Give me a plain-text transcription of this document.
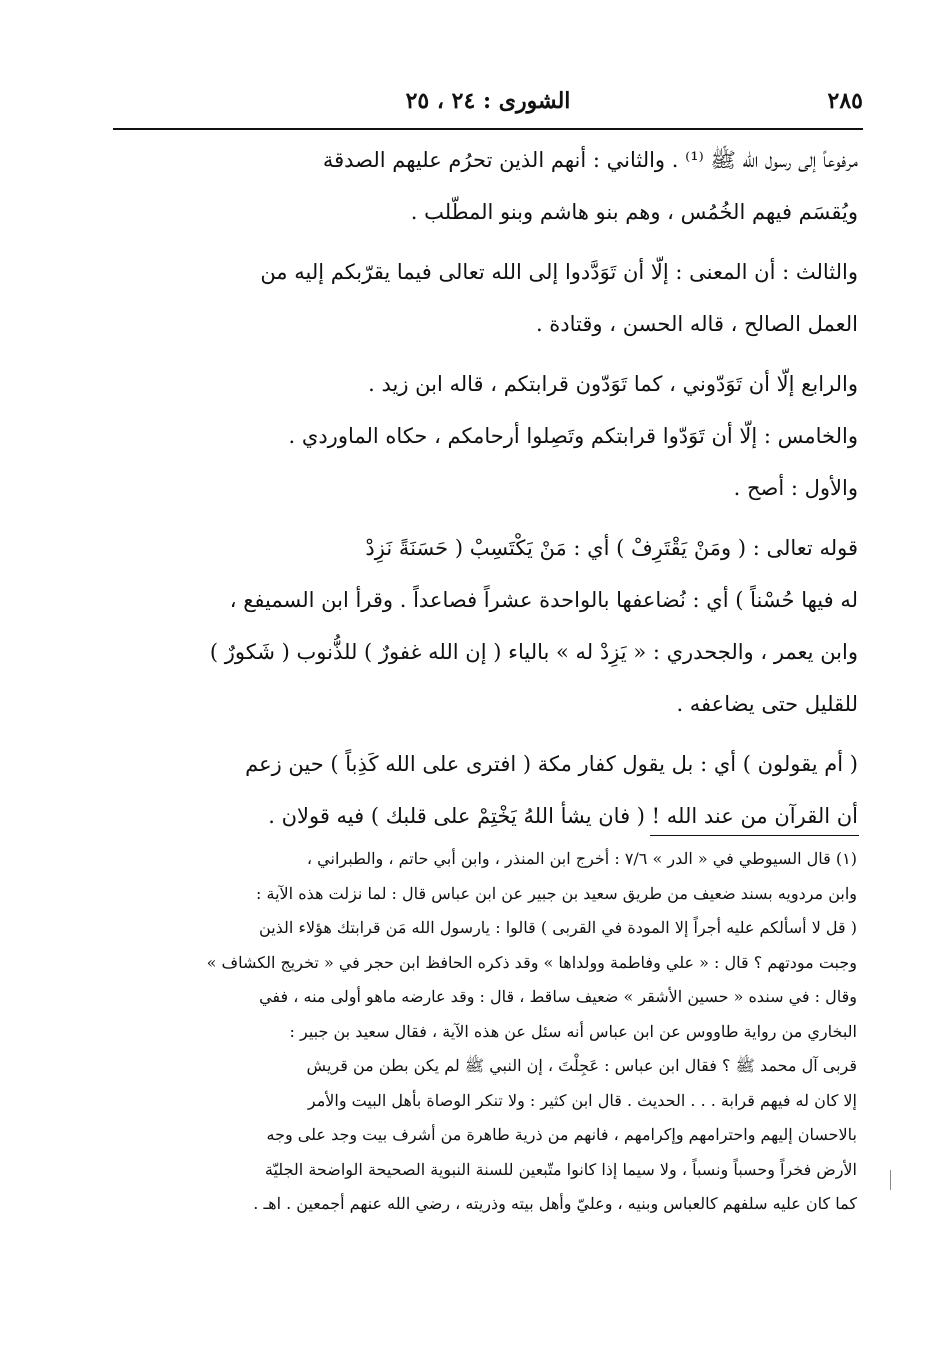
٢٨٥
الشورى : ٢٤ ، ٢٥

مرفوعاً إلى رسول الله ﷺ ⁽¹⁾ . والثاني : أنهم الذين تحرُم عليهم الصدقة

ويُقسَم فيهم الخُمُس ، وهم بنو هاشم وبنو المطّلب .

والثالث : أن المعنى : إلّا أن تَوَدَّدوا إلى الله تعالى فيما يقرّبكم إليه من

العمل الصالح ، قاله الحسن ، وقتادة .

والرابع إلّا أن تَوَدّوني ، كما تَوَدّون قرابتكم ، قاله ابن زيد .

والخامس : إلّا أن تَوَدّوا قرابتكم وتَصِلوا أرحامكم ، حكاه الماوردي .

والأول : أصح .

قوله تعالى : ( ومَنْ يَقْتَرِفْ ) أي : مَنْ يَكْتَسِبْ ( حَسَنَةً نَزِدْ

له فيها حُسْناً ) أي : نُضاعفها بالواحدة عشراً فصاعداً . وقرأ ابن السميفع ،

وابن يعمر ، والجحدري : « يَزِدْ له » بالياء ( إن الله غفورٌ ) للذُّنوب ( شَكورٌ )

للقليل حتى يضاعفه .

( أم يقولون ) أي : بل يقول كفار مكة ( افترى على الله كَذِباً ) حين زعم

أن القرآن من عند الله ! ( فان يشأ اللهُ يَخْتِمْ على قلبك ) فيه قولان .

(١) قال السيوطي في « الدر » ٧/٦ : أخرج ابن المنذر ، وابن أبي حاتم ، والطبراني ،

وابن مردويه بسند ضعيف من طريق سعيد بن جبير عن ابن عباس قال : لما نزلت هذه الآية :

( قل لا أسألكم عليه أجراً إلا المودة في القربى ) قالوا : يارسول الله مَن قرابتك هؤلاء الذين

وجبت مودتهم ؟ قال : « علي وفاطمة وولداها » وقد ذكره الحافظ ابن حجر في « تخريج الكشاف »

وقال : في سنده « حسين الأشقر » ضعيف ساقط ، قال : وقد عارضه ماهو أولى منه ، ففي

البخاري من رواية طاووس عن ابن عباس أنه سئل عن هذه الآية ، فقال سعيد بن جبير :

قربى آل محمد ﷺ ؟ فقال ابن عباس : عَجِلْتَ ، إن النبي ﷺ لم يكن بطن من قريش

إلا كان له فيهم قرابة . . . الحديث . قال ابن كثير : ولا تنكر الوصاة بأهل البيت والأمر

بالاحسان إليهم واحترامهم وإكرامهم ، فانهم من ذرية طاهرة من أشرف بيت وجد على وجه

الأرض فخراً وحسباً ونسباً ، ولا سيما إذا كانوا متّبعين للسنة النبوية الصحيحة الواضحة الجليّة

كما كان عليه سلفهم كالعباس وبنيه ، وعليّ وأهل بيته وذريته ، رضي الله عنهم أجمعين . اهـ .
